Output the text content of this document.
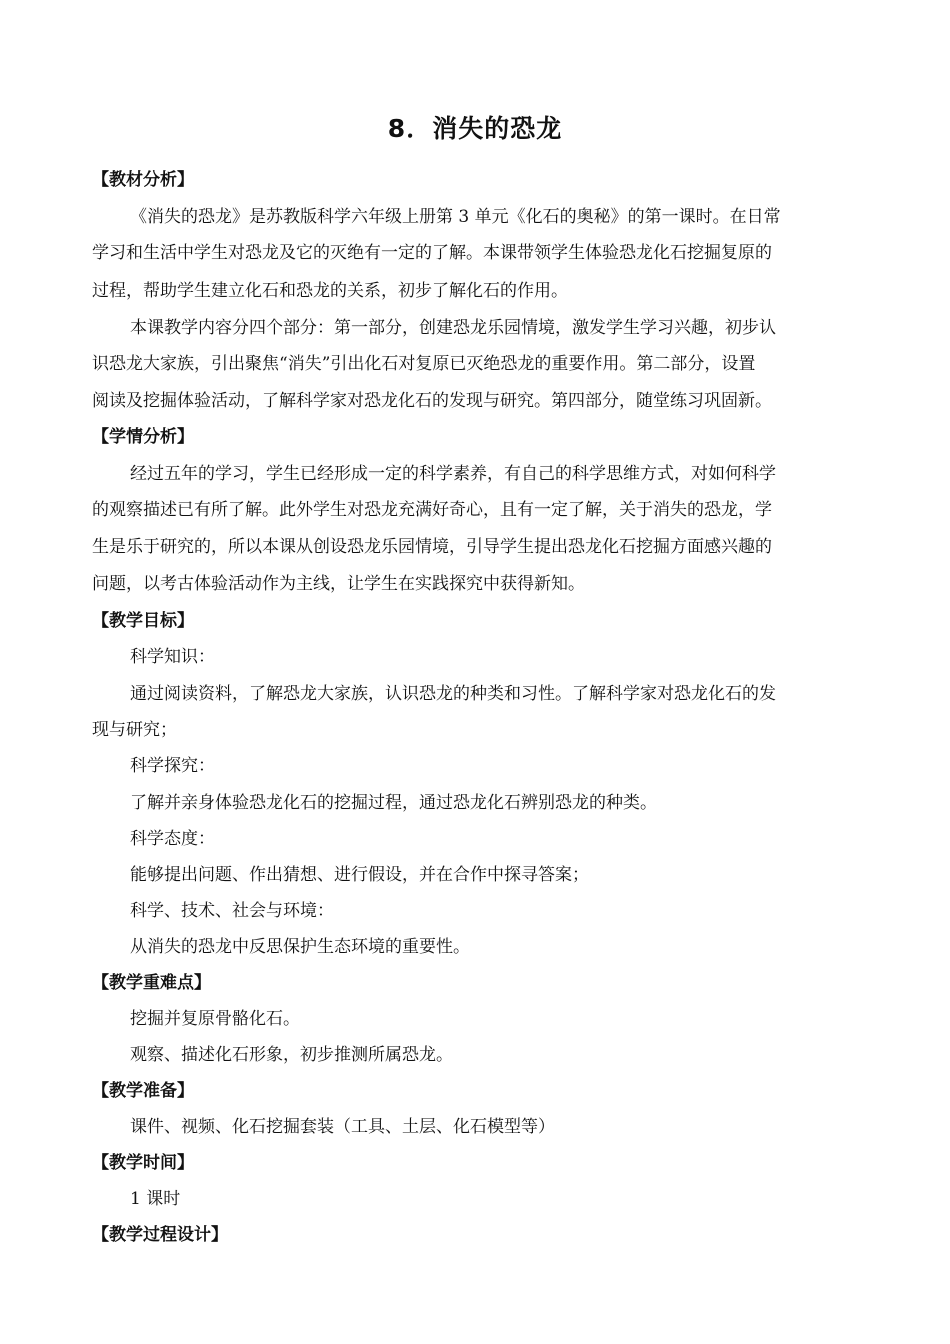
8．消失的恐龙
【教材分析】
《消失的恐龙》是苏教版科学六年级上册第 3 单元《化石的奥秘》的第一课时。在日常
学习和生活中学生对恐龙及它的灭绝有一定的了解。本课带领学生体验恐龙化石挖掘复原的
过程，帮助学生建立化石和恐龙的关系，初步了解化石的作用。
本课教学内容分四个部分：第一部分，创建恐龙乐园情境，激发学生学习兴趣，初步认
识恐龙大家族，引出聚焦“消失”引出化石对复原已灭绝恐龙的重要作用。第二部分，设置
阅读及挖掘体验活动，了解科学家对恐龙化石的发现与研究。第四部分，随堂练习巩固新。
【学情分析】
经过五年的学习，学生已经形成一定的科学素养，有自己的科学思维方式，对如何科学
的观察描述已有所了解。此外学生对恐龙充满好奇心，且有一定了解，关于消失的恐龙，学
生是乐于研究的，所以本课从创设恐龙乐园情境，引导学生提出恐龙化石挖掘方面感兴趣的
问题，以考古体验活动作为主线，让学生在实践探究中获得新知。
【教学目标】
科学知识：
通过阅读资料，了解恐龙大家族，认识恐龙的种类和习性。了解科学家对恐龙化石的发
现与研究；
科学探究：
了解并亲身体验恐龙化石的挖掘过程，通过恐龙化石辨别恐龙的种类。
科学态度：
能够提出问题、作出猜想、进行假设，并在合作中探寻答案；
科学、技术、社会与环境：
从消失的恐龙中反思保护生态环境的重要性。
【教学重难点】
挖掘并复原骨骼化石。
观察、描述化石形象，初步推测所属恐龙。
【教学准备】
课件、视频、化石挖掘套装（工具、土层、化石模型等）
【教学时间】
1 课时
【教学过程设计】
